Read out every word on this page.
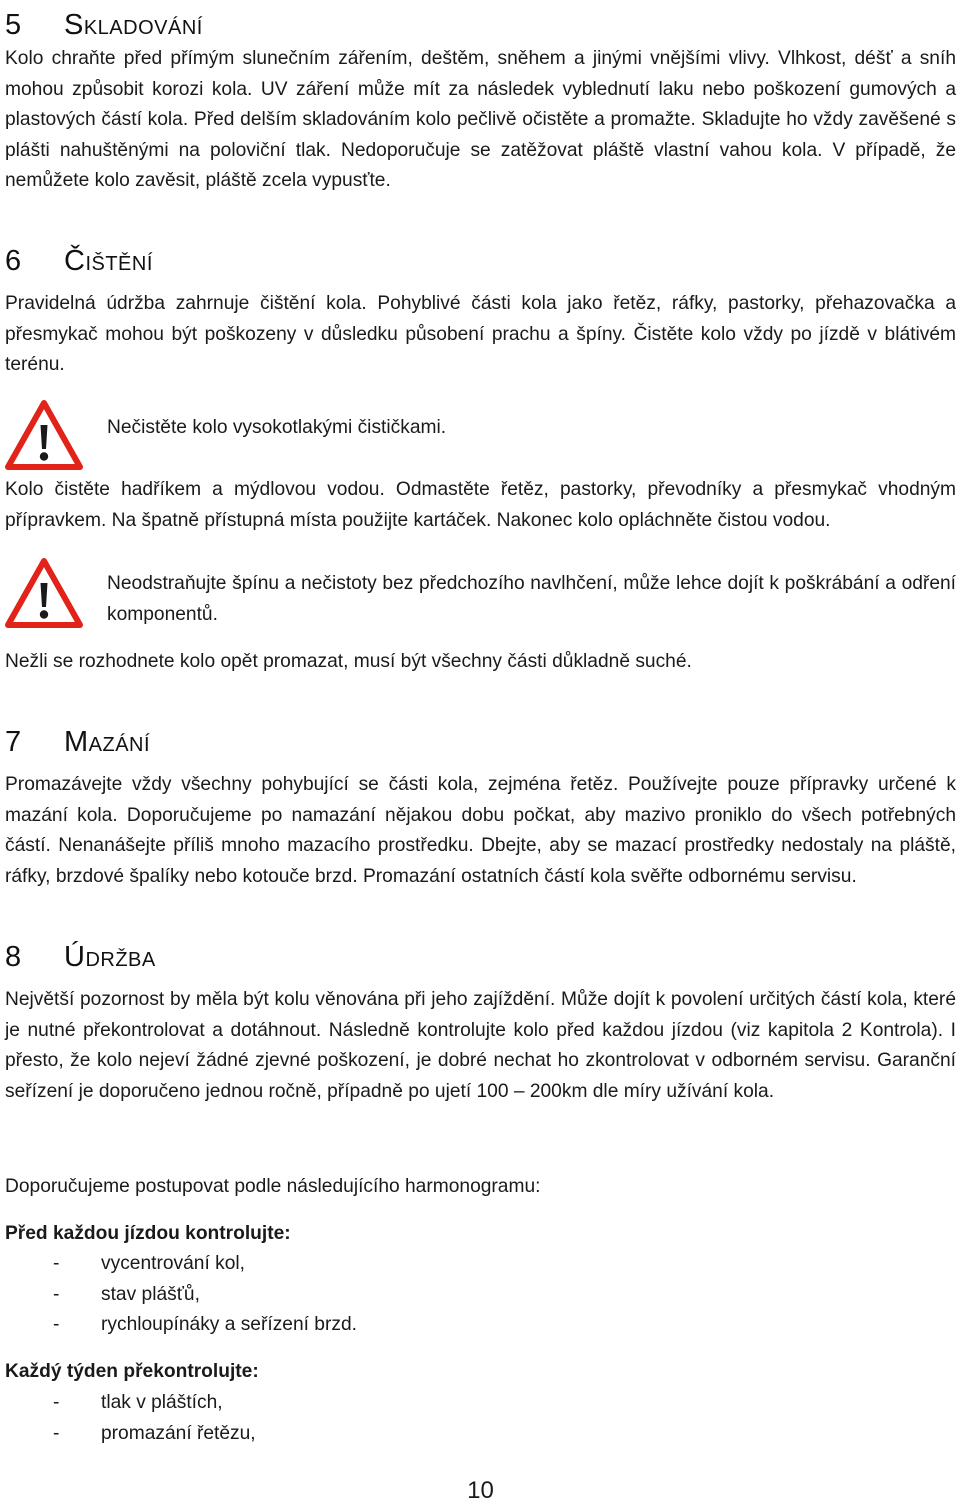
5	Skladování

Kolo chraňte před přímým slunečním zářením, deštěm, sněhem a jinými vnějšími vlivy. Vlhkost, déšť a sníh mohou způsobit korozi kola. UV záření může mít za následek vyblednutí laku nebo poškození gumových a plastových částí kola. Před delším skladováním kolo pečlivě očistěte a promažte. Skladujte ho vždy zavěšené s plášti nahuštěnými na poloviční tlak. Nedoporučuje se zatěžovat pláště vlastní vahou kola. V případě, že nemůžete kolo zavěsit, pláště zcela vypusťte.

6	Čištění

Pravidelná údržba zahrnuje čištění kola. Pohyblivé části kola jako řetěz, ráfky, pastorky, přehazovačka a přesmykač mohou být poškozeny v důsledku působení prachu a špíny. Čistěte kolo vždy po jízdě v blátivém terénu.

Nečistěte kolo vysokotlakými čističkami.

Kolo čistěte hadříkem a mýdlovou vodou. Odmastěte řetěz, pastorky, převodníky a přesmykač vhodným přípravkem. Na špatně přístupná místa použijte kartáček. Nakonec kolo opláchněte čistou vodou.

Neodstraňujte špínu a nečistoty bez předchozího navlhčení, může lehce dojít k poškrábání a odření komponentů.

Nežli se rozhodnete kolo opět promazat, musí být všechny části důkladně suché.

7	Mazání

Promazávejte vždy všechny pohybující se části kola, zejména řetěz. Používejte pouze přípravky určené k mazání kola. Doporučujeme po namazání nějakou dobu počkat, aby mazivo proniklo do všech potřebných částí. Nenanášejte příliš mnoho mazacího prostředku. Dbejte, aby se mazací prostředky nedostaly na pláště, ráfky, brzdové špalíky nebo kotouče brzd. Promazání ostatních částí kola svěřte odbornému servisu.

8	Údržba

Největší pozornost by měla být kolu věnována při jeho zajíždění. Může dojít k povolení určitých částí kola, které je nutné překontrolovat a dotáhnout. Následně kontrolujte kolo před každou jízdou (viz kapitola 2 Kontrola). I přesto, že kolo nejeví žádné zjevné poškození, je dobré nechat ho zkontrolovat v odborném servisu. Garanční seřízení je doporučeno jednou ročně, případně po ujetí 100 – 200km dle míry užívání kola.

Doporučujeme postupovat podle následujícího harmonogramu:

Před každou jízdou kontrolujte:
- vycentrování kol,
- stav plášťů,
- rychloupínáky a seřízení brzd.
Každý týden překontrolujte:
- tlak v pláštích,
- promazání řetězu,
10
